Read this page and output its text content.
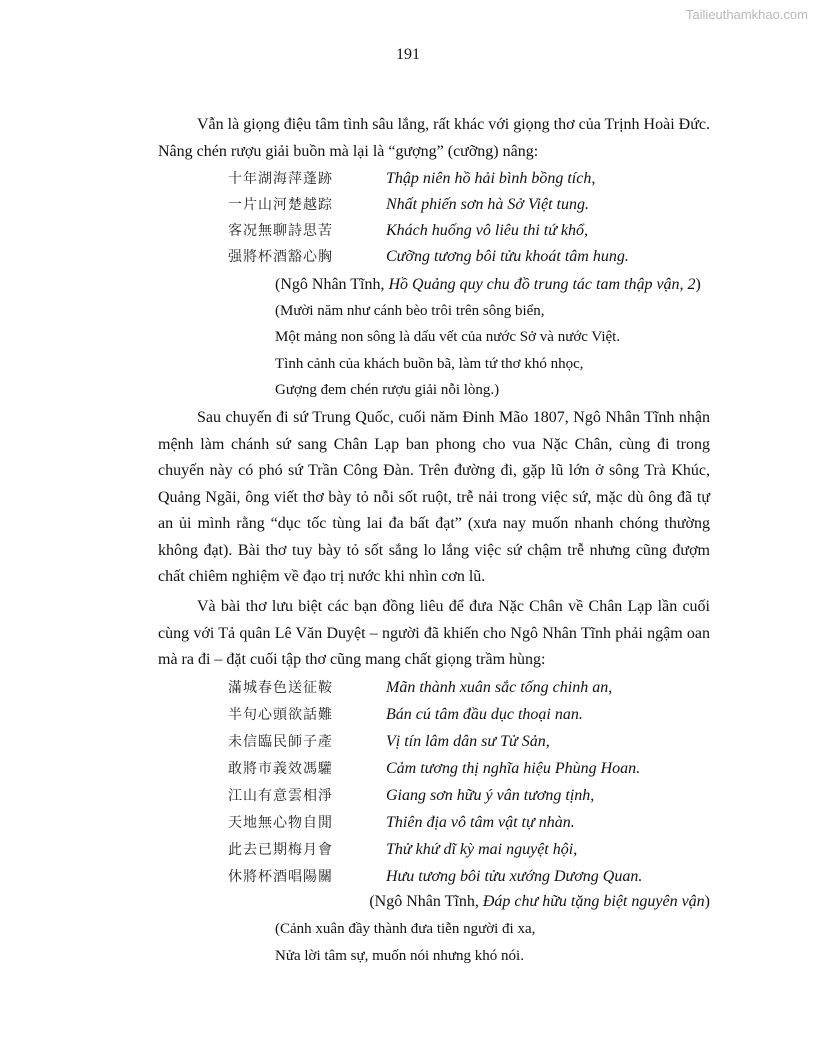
Tailieuthamkhao.com
191

Vẫn là giọng điệu tâm tình sâu lắng, rất khác với giọng thơ của Trịnh Hoài Đức. Nâng chén rượu giải buồn mà lại là “gượng” (cưỡng) nâng:

十年湖海萍蓬跡	Thập niên hồ hải bình bồng tích,
一片山河楚越踪	Nhất phiến sơn hà Sở Việt tung.
客况無聊詩思苦	Khách huống vô liêu thi tứ khổ,
强將杯酒豁心胸	Cưỡng tương bôi tửu khoát tâm hung.
(Ngô Nhân Tĩnh, Hồ Quảng quy chu đồ trung tác tam thập vận, 2)
(Mười năm như cánh bèo trôi trên sông biển,
Một mảng non sông là dấu vết của nước Sở và nước Việt.
Tình cảnh của khách buồn bã, làm tứ thơ khó nhọc,
Gượng đem chén rượu giải nỗi lòng.)

Sau chuyến đi sứ Trung Quốc, cuối năm Đinh Mão 1807, Ngô Nhân Tĩnh nhận mệnh làm chánh sứ sang Chân Lạp ban phong cho vua Nặc Chân, cùng đi trong chuyến này có phó sứ Trần Công Đàn. Trên đường đi, gặp lũ lớn ở sông Trà Khúc, Quảng Ngãi, ông viết thơ bày tỏ nỗi sốt ruột, trễ nải trong việc sứ, mặc dù ông đã tự an ủi mình rằng “dục tốc tùng lai đa bất đạt” (xưa nay muốn nhanh chóng thường không đạt). Bài thơ tuy bày tỏ sốt sắng lo lắng việc sứ chậm trễ nhưng cũng đượm chất chiêm nghiệm về đạo trị nước khi nhìn cơn lũ.

Và bài thơ lưu biệt các bạn đồng liêu để đưa Nặc Chân về Chân Lạp lần cuối cùng với Tả quân Lê Văn Duyệt – người đã khiến cho Ngô Nhân Tĩnh phải ngậm oan mà ra đi – đặt cuối tập thơ cũng mang chất giọng trầm hùng:

滿城春色送征鞍	Mãn thành xuân sắc tống chinh an,
半句心頭欲話難	Bán cú tâm đầu dục thoại nan.
未信臨民師子產	Vị tín lâm dân sư Tử Sản,
敢將市義效馮驩	Cảm tương thị nghĩa hiệu Phùng Hoan.
江山有意雲相淨	Giang sơn hữu ý vân tương tịnh,
天地無心物自閒	Thiên địa vô tâm vật tự nhàn.
此去已期梅月會	Thử khứ dĩ kỳ mai nguyệt hội,
休將杯酒唱陽關	Hưu tương bôi tửu xướng Dương Quan.
(Ngô Nhân Tĩnh, Đáp chư hữu tặng biệt nguyên vận)
(Cảnh xuân đầy thành đưa tiễn người đi xa,
Nửa lời tâm sự, muốn nói nhưng khó nói.
